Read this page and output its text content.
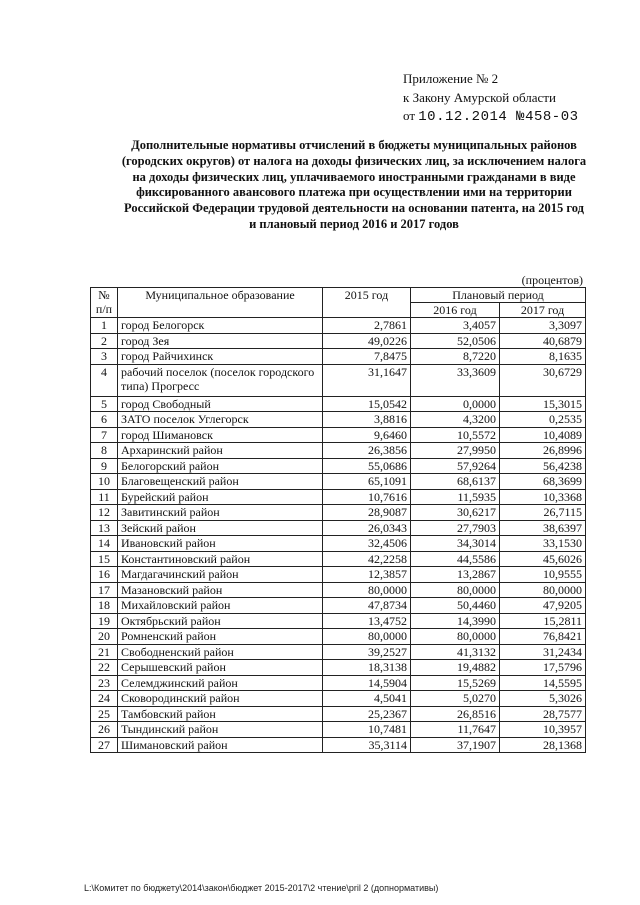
Приложение № 2
к Закону Амурской области
от 10.12.2014 №458-03
Дополнительные нормативы отчислений в бюджеты муниципальных районов (городских округов) от налога на доходы физических лиц, за исключением налога на доходы физических лиц, уплачиваемого иностранными гражданами в виде фиксированного авансового платежа при осуществлении ими на территории Российской Федерации трудовой деятельности на основании патента, на 2015 год и плановый период 2016 и 2017 годов
(процентов)
№ п/п	Муниципальное образование	2015 год	Плановый период	
			2016 год	2017 год
1	город Белогорск	2,7861	3,4057	3,3097
2	город Зея	49,0226	52,0506	40,6879
3	город Райчихинск	7,8475	8,7220	8,1635
4	рабочий поселок (поселок городского типа) Прогресс	31,1647	33,3609	30,6729
5	город Свободный	15,0542	0,0000	15,3015
6	ЗАТО поселок Углегорск	3,8816	4,3200	0,2535
7	город Шимановск	9,6460	10,5572	10,4089
8	Архаринский район	26,3856	27,9950	26,8996
9	Белогорский район	55,0686	57,9264	56,4238
10	Благовещенский район	65,1091	68,6137	68,3699
11	Бурейский район	10,7616	11,5935	10,3368
12	Завитинский район	28,9087	30,6217	26,7115
13	Зейский район	26,0343	27,7903	38,6397
14	Ивановский район	32,4506	34,3014	33,1530
15	Константиновский район	42,2258	44,5586	45,6026
16	Магдагачинский район	12,3857	13,2867	10,9555
17	Мазановский район	80,0000	80,0000	80,0000
18	Михайловский район	47,8734	50,4460	47,9205
19	Октябрьский район	13,4752	14,3990	15,2811
20	Ромненский район	80,0000	80,0000	76,8421
21	Свободненский район	39,2527	41,3132	31,2434
22	Серышевский район	18,3138	19,4882	17,5796
23	Селемджинский район	14,5904	15,5269	14,5595
24	Сковородинский район	4,5041	5,0270	5,3026
25	Тамбовский район	25,2367	26,8516	28,7577
26	Тындинский район	10,7481	11,7647	10,3957
27	Шимановский район	35,3114	37,1907	28,1368
L:\Комитет по бюджету\2014\закон\бюджет 2015-2017\2 чтение\pril 2 (допнормативы)
